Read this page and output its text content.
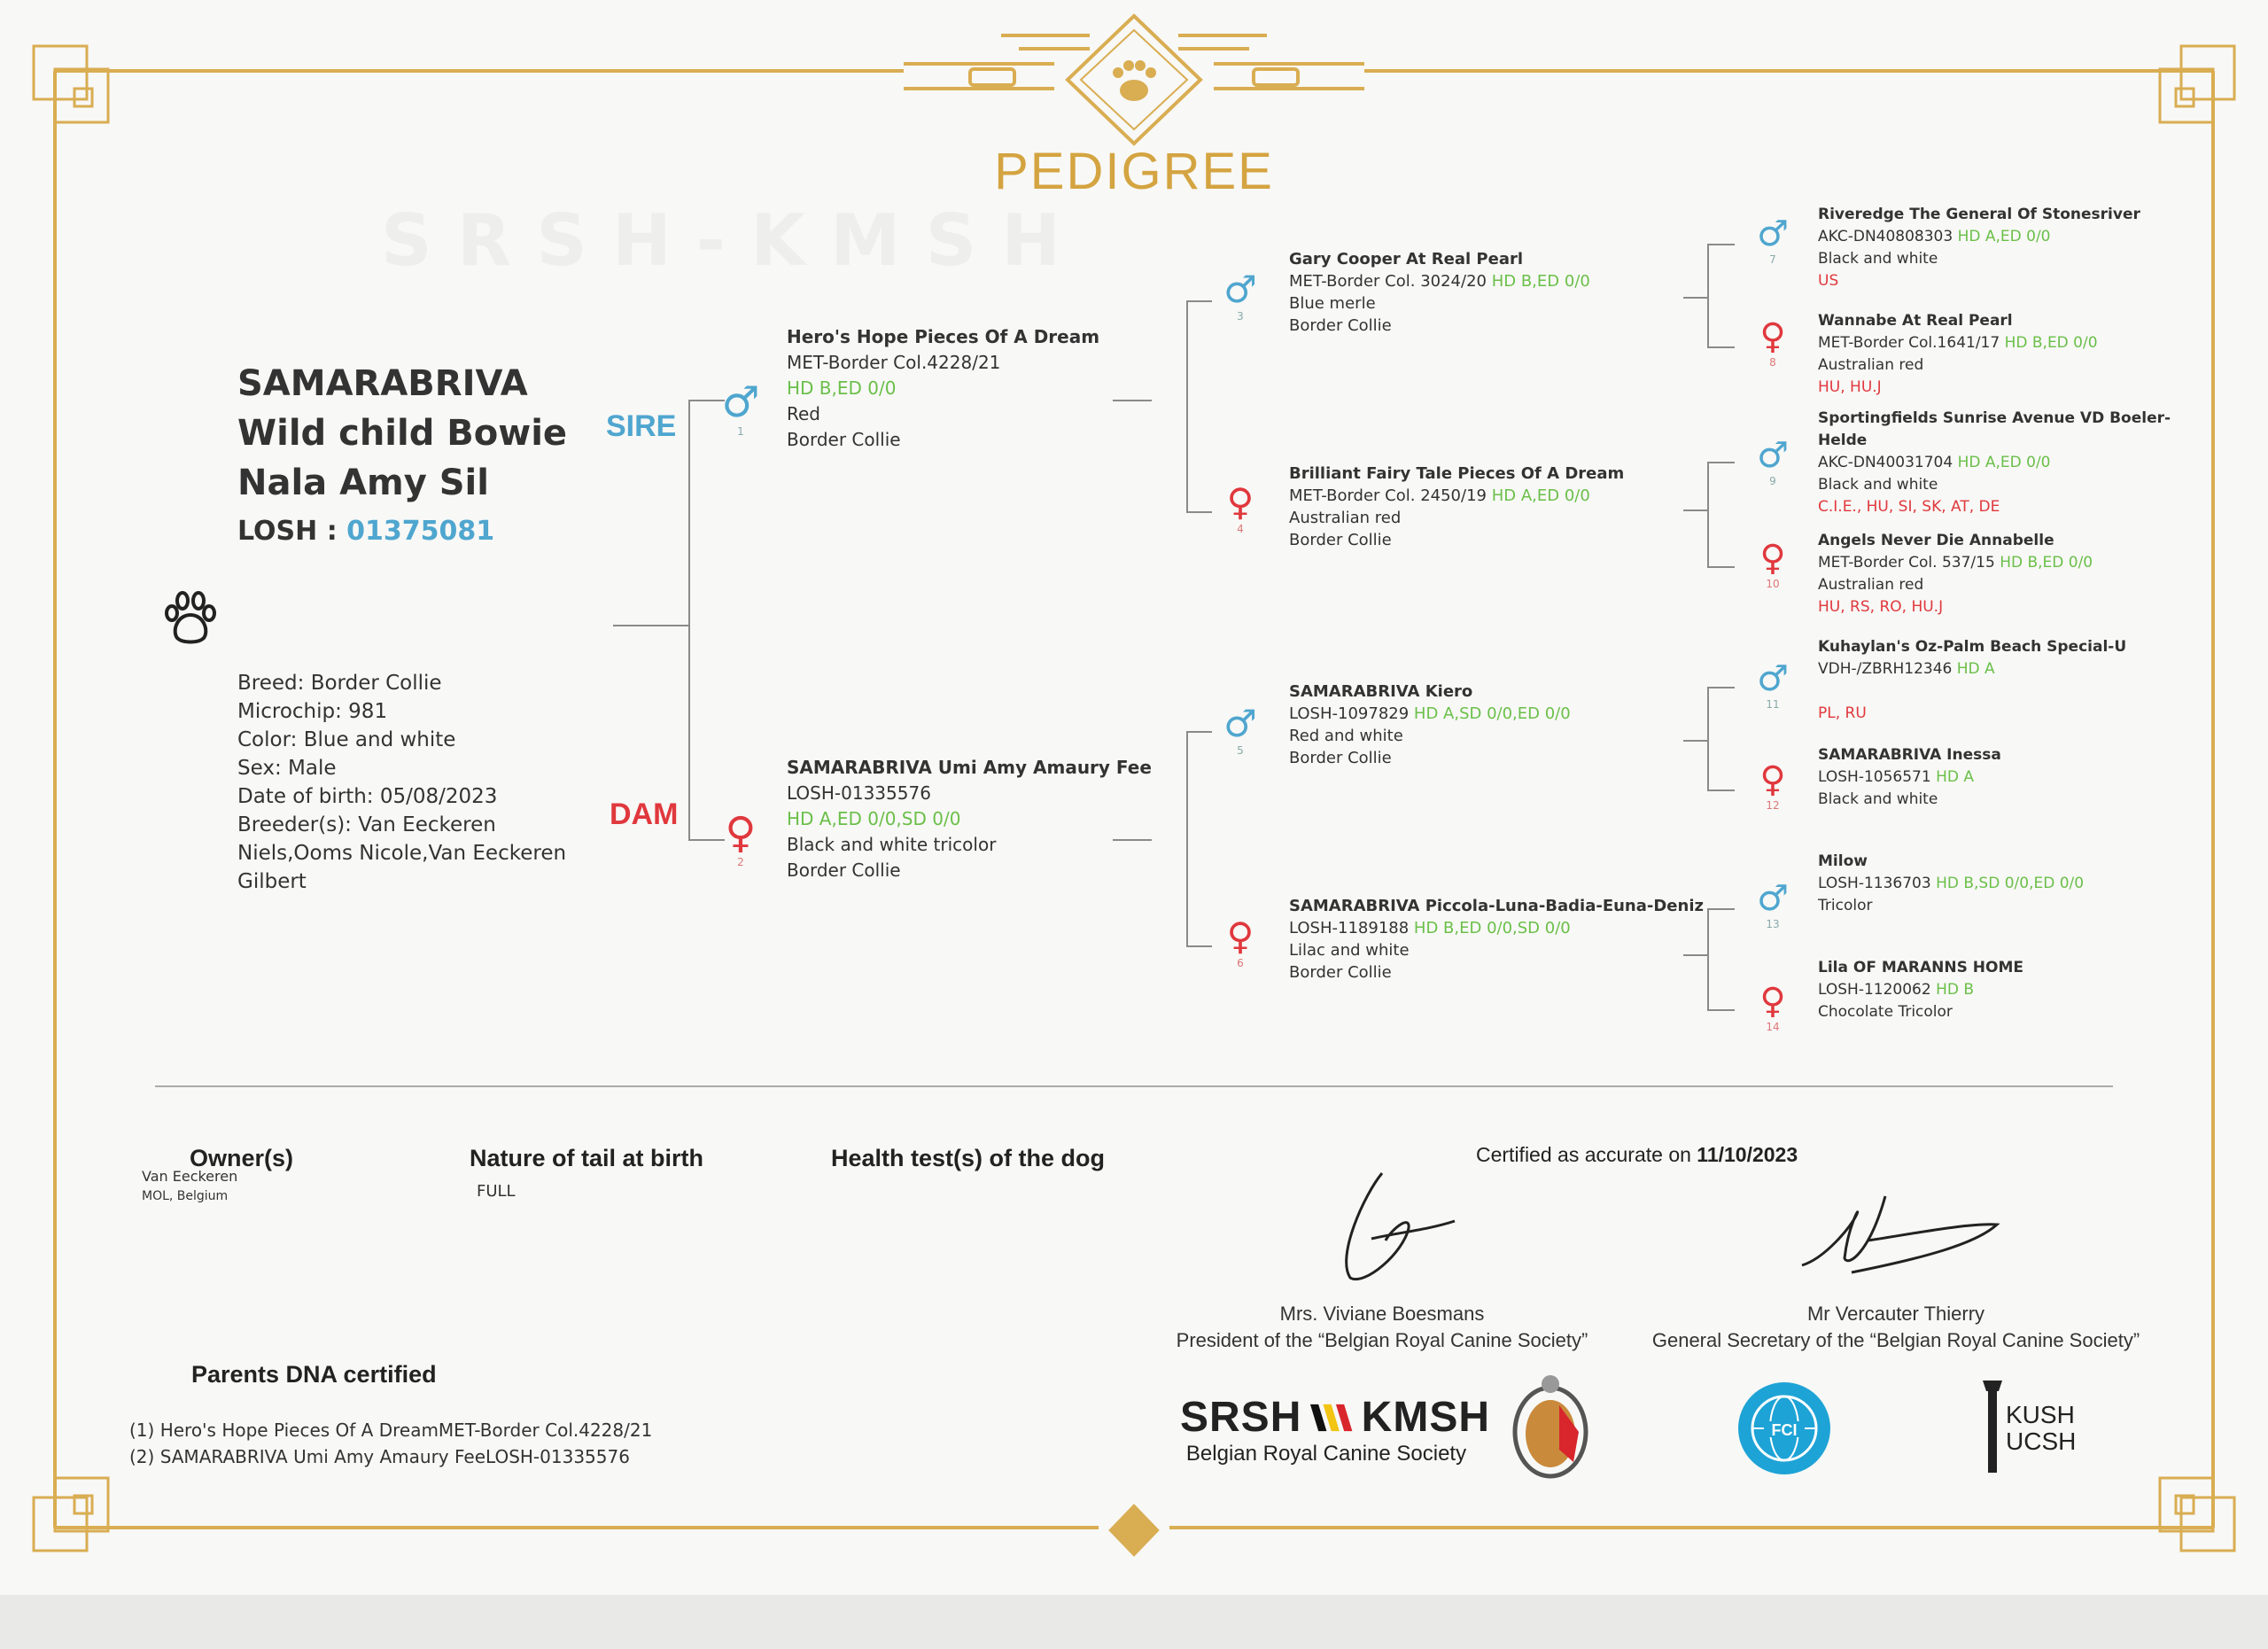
SRSH-KMSH
PEDIGREE
SAMARABRIVA
Wild child Bowie
Nala Amy Sil
LOSH : 01375081
Breed: Border Collie
Microchip: 981
Color: Blue and white
Sex: Male
Date of birth: 05/08/2023
Breeder(s): Van Eeckeren
Niels,Ooms Nicole,Van Eeckeren
Gilbert
SIRE
DAM
♂
1
Hero's Hope Pieces Of A Dream
MET-Border Col.4228/21
HD B,ED 0/0
Red
Border Collie
♀
2
SAMARABRIVA Umi Amy Amaury Fee
LOSH-01335576
HD A,ED 0/0,SD 0/0
Black and white tricolor
Border Collie
♂
3
Gary Cooper At Real Pearl
MET-Border Col. 3024/20 HD B,ED 0/0
Blue merle
Border Collie
♀
4
Brilliant Fairy Tale Pieces Of A Dream
MET-Border Col. 2450/19 HD A,ED 0/0
Australian red
Border Collie
♂
5
SAMARABRIVA Kiero
LOSH-1097829 HD A,SD 0/0,ED 0/0
Red and white
Border Collie
♀
6
SAMARABRIVA Piccola-Luna-Badia-Euna-Deniz
LOSH-1189188 HD B,ED 0/0,SD 0/0
Lilac and white
Border Collie
♂
7
Riveredge The General Of Stonesriver
AKC-DN40808303 HD A,ED 0/0
Black and white
US
♀
8
Wannabe At Real Pearl
MET-Border Col.1641/17 HD B,ED 0/0
Australian red
HU, HU.J
♂
9
Sportingfields Sunrise Avenue VD Boeler-
Helde
AKC-DN40031704 HD A,ED 0/0
Black and white
C.I.E., HU, SI, SK, AT, DE
♀
10
Angels Never Die Annabelle
MET-Border Col. 537/15 HD B,ED 0/0
Australian red
HU, RS, RO, HU.J
♂
11
Kuhaylan's Oz-Palm Beach Special-U
VDH-/ZBRH12346 HD A

PL, RU
♀
12
SAMARABRIVA Inessa
LOSH-1056571 HD A
Black and white
♂
13
Milow
LOSH-1136703 HD B,SD 0/0,ED 0/0
Tricolor
♀
14
Lila OF MARANNS HOME
LOSH-1120062 HD B
Chocolate Tricolor
Owner(s)
Van Eeckeren
MOL, Belgium
Nature of tail at birth
FULL
Health test(s) of the dog	Certified as accurate on 11/10/2023
Mrs. Viviane Boesmans
President of the “Belgian Royal Canine Society”
Mr Vercauter Thierry
General Secretary of the “Belgian Royal Canine Society”
Parents DNA certified
(1) Hero's Hope Pieces Of A DreamMET-Border Col.4228/21
(2) SAMARABRIVA Umi Amy Amaury FeeLOSH-01335576
SRSH KMSH
Belgian Royal Canine Society
FCI
KUSH
UCSH
